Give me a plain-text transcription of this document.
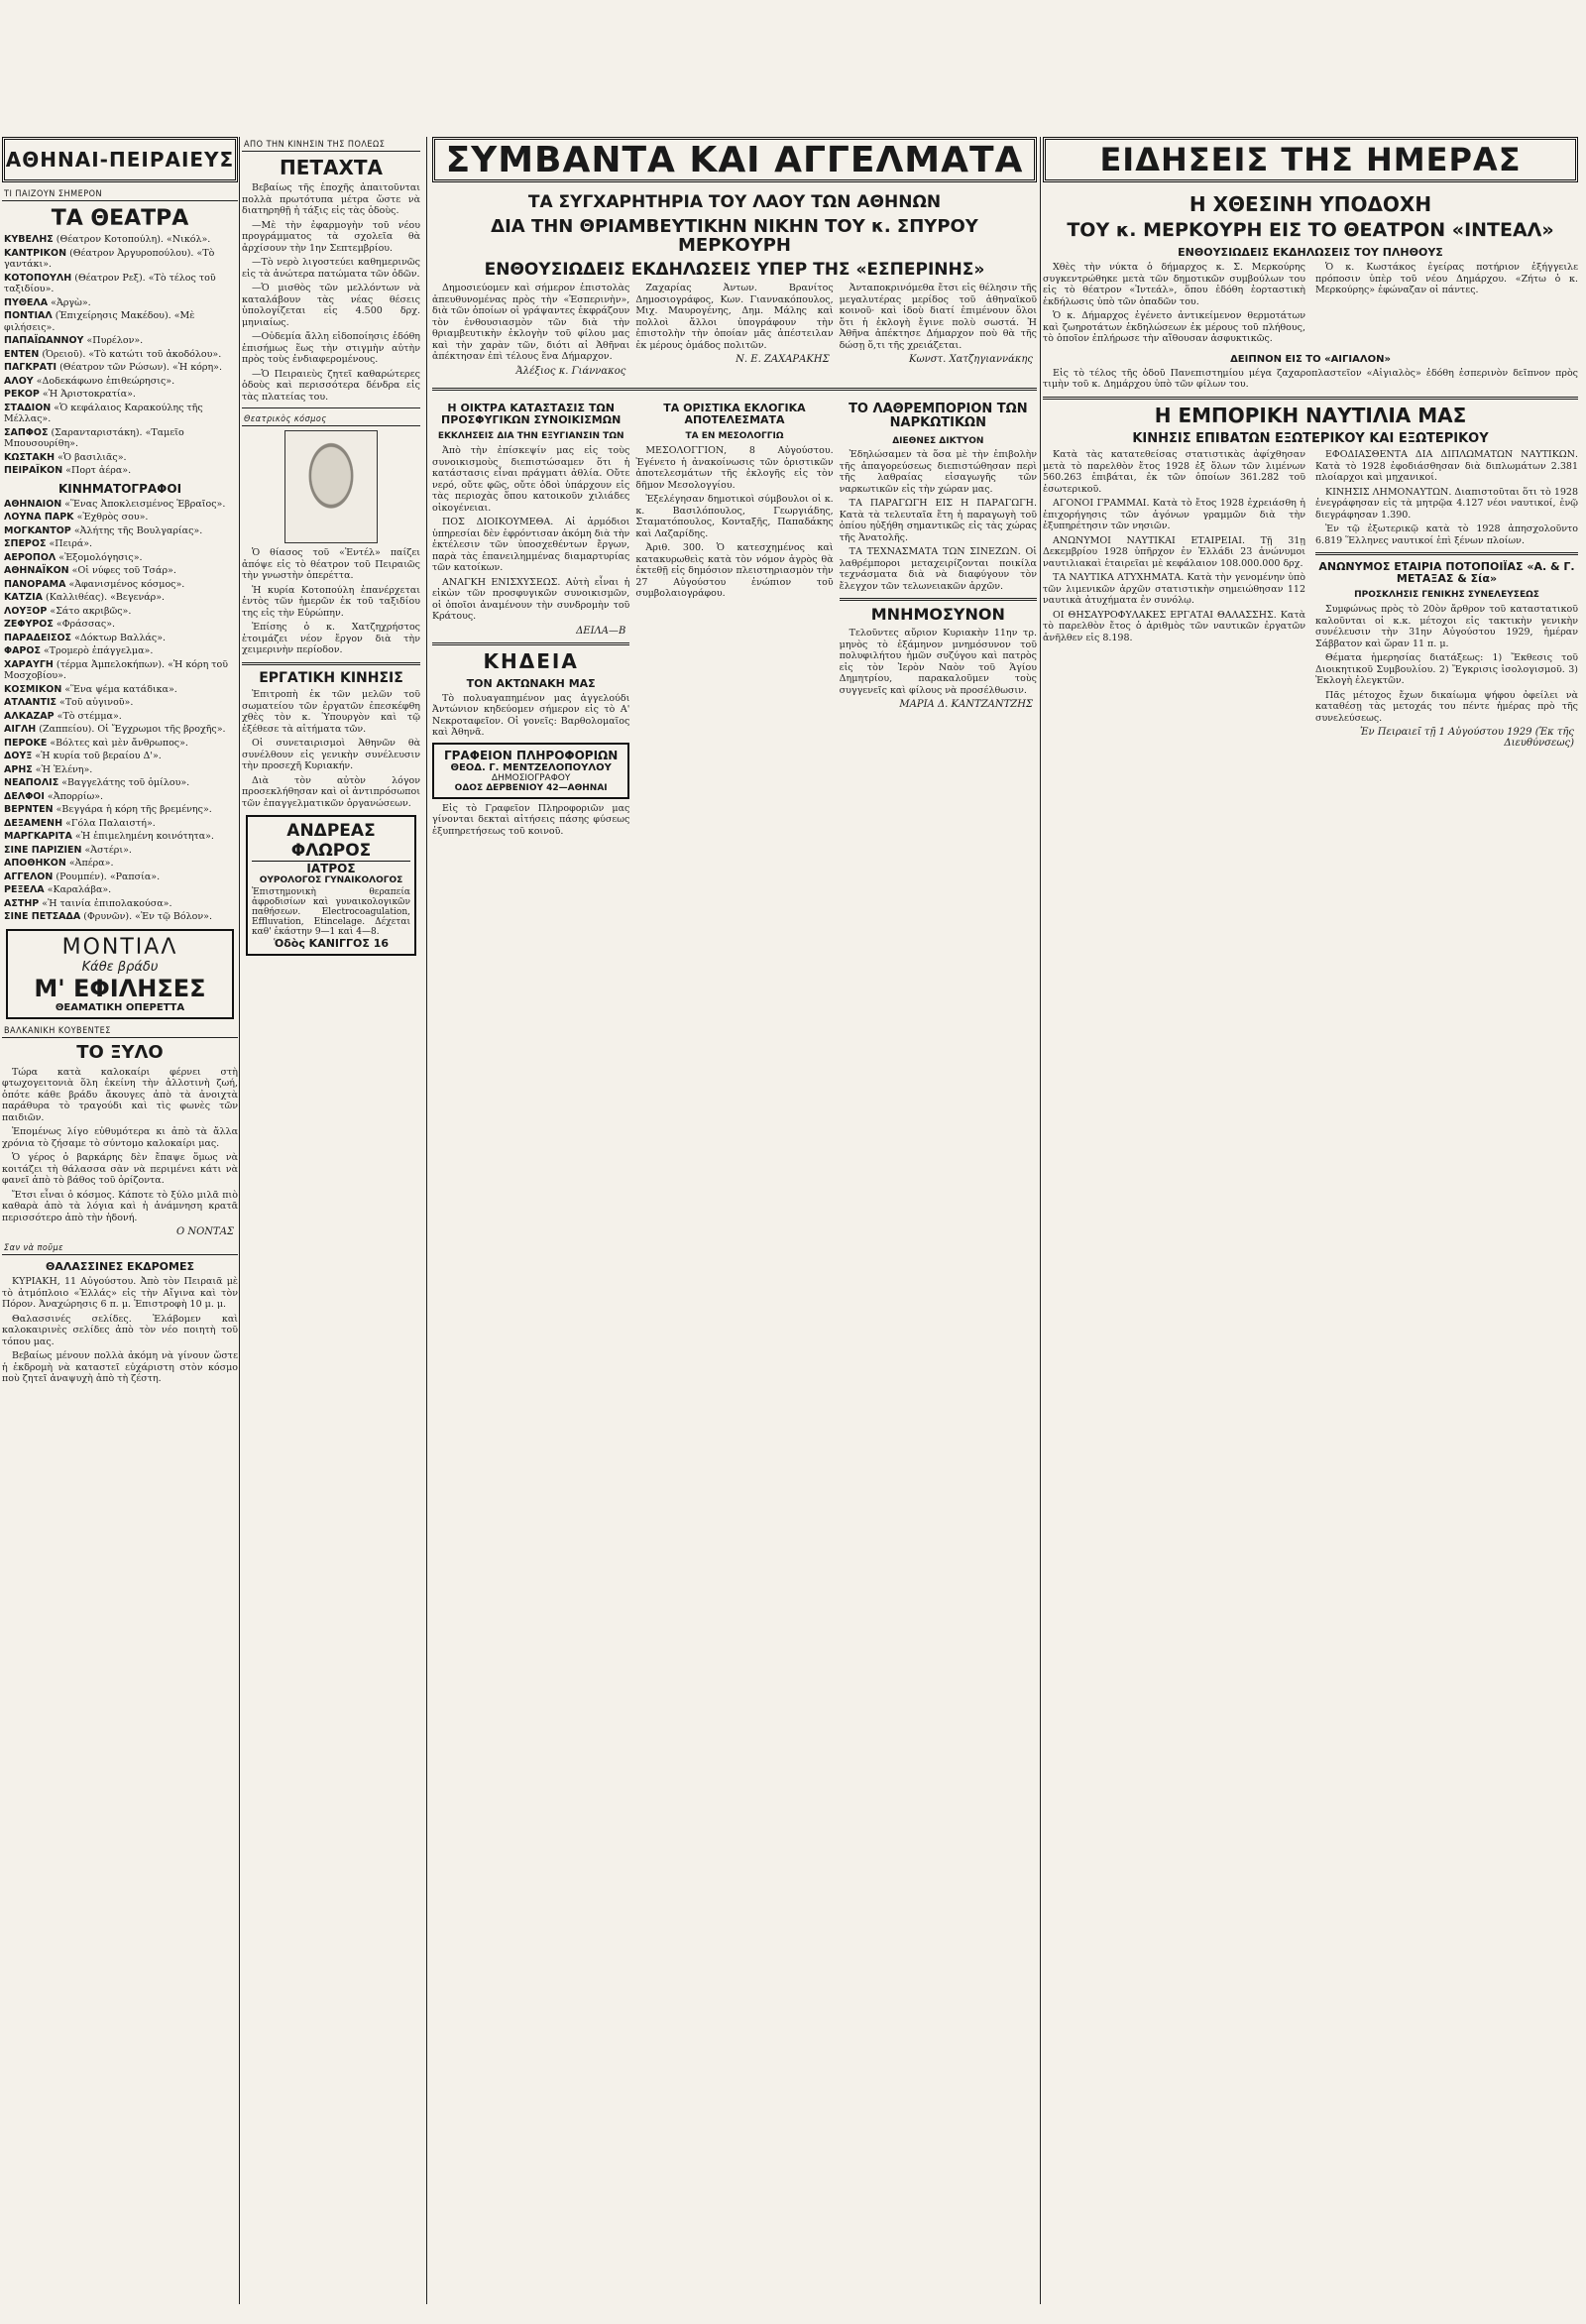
ΑΘΗΝΑΙ-ΠΕΙΡΑΙΕΥΣ
ΤΙ ΠΑΙΖΟΥΝ ΣΗΜΕΡΟΝ
ΤΑ ΘΕΑΤΡΑ
ΚΥΒΕΛΗΣ (Θέατρον Κοτοπούλη). «Νικόλ».
ΚΑΝΤΡΙΚΟΝ (Θέατρον Ἀργυροπούλου). «Τὸ γαντάκι».
ΚΟΤΟΠΟΥΛΗ (Θέατρον Ρεξ). «Τὸ τέλος τοῦ ταξιδίου».
ΠΥΘΕΛΑ «Ἀργὼ».
ΠΟΝΤΙΑΛ (Ἐπιχείρησις Μακέδου). «Μὲ φιλήσεις».
ΠΑΠΑΪΩΑΝΝΟΥ «Πυρέλον».
ΕΝΤΕΝ (Ὀρειοῦ). «Τὸ κατώτι τοῦ ἀκοδόλου».
ΠΑΓΚΡΑΤΙ (Θέατρον τῶν Ρώσων). «Ἡ κόρη».
ΑΛΟΥ «Δοδεκάφωνο ἐπιθεώρησις».
ΡΕΚΟΡ «Ἡ Ἀριστοκρατία».
ΣΤΑΔΙΟΝ «Ὁ κεφάλαιος Καρακούλης τῆς Μέλλας».
ΣΑΠΦΟΣ (Σαρανταριστάκη). «Ταμεῖο Μπουσουρίθη».
ΚΩΣΤΑΚΗ «Ὁ βασιλιᾶς».
ΠΕΙΡΑΪΚΟΝ «Πορτ ἀέρα».
ΚΙΝΗΜΑΤΟΓΡΑΦΟΙ
ΑΘΗΝΑΙΟΝ «Ἕνας Ἀποκλεισμένος Ἑβραῖος».
ΛΟΥΝΑ ΠΑΡΚ «Ἐχθρὸς σου».
ΜΟΓΚΑΝΤΟΡ «Ἀλήτης τῆς Βουλγαρίας».
ΣΠΕΡΟΣ «Πειρά».
ΑΕΡΟΠΟΛ «Ἐξομολόγησις».
ΑΘΗΝΑΪΚΟΝ «Οἱ νύφες τοῦ Τσάρ».
ΠΑΝΟΡΑΜΑ «Ἀφανισμένος κόσμος».
ΚΑΤΖΙΑ (Καλλιθέας). «Βεγενάρ».
ΛΟΥΞΟΡ «Σάτο ακριβῶς».
ΖΕΦΥΡΟΣ «Φράσσας».
ΠΑΡΑΔΕΙΣΟΣ «Δόκτωρ Βαλλάς».
ΦΑΡΟΣ «Τρομερὸ ἐπάγγελμα».
ΧΑΡΑΥΓΗ (τέρμα Ἀμπελοκήπων). «Ἡ κόρη τοῦ Μοσχοβίου».
ΚΟΣΜΙΚΟΝ «Ἕνα ψέμα κατάδικα».
ΑΤΛΑΝΤΙΣ «Τοῦ αὐγινοῦ».
ΑΛΚΑΖΑΡ «Τὸ στέμμα».
ΑΙΓΛΗ (Ζαππείου). Οἱ Ἔγχρωμοι τῆς βροχῆς».
ΠΕΡΟΚΕ «Βόλτες καὶ μὲν ἄνθρωπος».
ΔΟΥΞ «Ἡ κυρία τοῦ βεραίου Δ'».
ΑΡΗΣ «Ἡ Ἑλένη».
ΝΕΑΠΟΛΙΣ «Βαγγελάτης τοῦ ὁμίλου».
ΔΕΛΦΟΙ «Ἀπορρίω».
ΒΕΡΝΤΕΝ «Βεγγάρα ἡ κόρη τῆς βρεμένης».
ΔΕΞΑΜΕΝΗ «Γόλα Παλαιστή».
ΜΑΡΓΚΑΡΙΤΑ «Ἡ ἐπιμελημένη κοινότητα».
ΣΙΝΕ ΠΑΡΙΖΙΕΝ «Ἀστέρι».
ΑΠΟΘΗΚΟΝ «Ἀπέρα».
ΑΓΓΕΛΟΝ (Ρουμπέν). «Ραπσία».
ΡΕΞΕΛΑ «Καραλάβα».
ΑΣΤΗΡ «Ἡ ταινία ἐπιπολακούσα».
ΣΙΝΕ ΠΕΤΣΑΔΑ (Φρυνῶν). «Ἐν τῷ Βόλον».
ΜΟΝΤΙΑΛ
Κάθε βράδυ
Μ' ΕΦΙΛΗΣΕΣ
ΘΕΑΜΑΤΙΚΗ ΟΠΕΡΕΤΤΑ
ΒΑΛΚΑΝΙΚΗ ΚΟΥΒΕΝΤΕΣ
ΤΟ ΞΥΛΟ

Τώρα κατὰ καλοκαίρι φέρνει στὴ φτωχογειτονιὰ ὅλη ἐκείνη τὴν ἀλλοτινὴ ζωή, ὁπότε κάθε βράδυ ἄκουγες ἀπὸ τὰ ἀνοιχτὰ παράθυρα τὸ τραγούδι καὶ τὶς φωνὲς τῶν παιδιῶν.

Ἑπομένως λίγο εὐθυμότερα κι ἀπὸ τὰ ἄλλα χρόνια τὸ ζήσαμε τὸ σύντομο καλοκαίρι μας.

Ὁ γέρος ὁ βαρκάρης δὲν ἔπαψε ὅμως νὰ κοιτάζει τὴ θάλασσα σὰν νὰ περιμένει κάτι νὰ φανεῖ ἀπὸ τὸ βάθος τοῦ ὁρίζοντα.

Ἔτσι εἶναι ὁ κόσμος. Κάποτε τὸ ξύλο μιλᾶ πιὸ καθαρὰ ἀπὸ τὰ λόγια καὶ ἡ ἀνάμνηση κρατᾶ περισσότερο ἀπὸ τὴν ἡδονή.

Ο ΝΟΝΤΑΣ
Σαν νὰ ποῦμε
ΘΑΛΑΣΣΙΝΕΣ ΕΚΔΡΟΜΕΣ

ΚΥΡΙΑΚΗ, 11 Αὐγούστου. Ἀπὸ τὸν Πειραιᾶ μὲ τὸ ἀτμόπλοιο «Ἑλλάς» εἰς τὴν Αἴγινα καὶ τὸν Πόρον. Ἀναχώρησις 6 π. μ. Ἐπιστροφὴ 10 μ. μ.

Θαλασσινές σελίδες. Ἐλάβομεν καὶ καλοκαιρινὲς σελίδες ἀπὸ τὸν νέο ποιητὴ τοῦ τόπου μας.

Βεβαίως μένουν πολλὰ ἀκόμη νὰ γίνουν ὥστε ἡ ἐκδρομὴ νὰ καταστεῖ εὐχάριστη στὸν κόσμο ποὺ ζητεῖ ἀναψυχὴ ἀπὸ τὴ ζέστη.

ΑΠΟ ΤΗΝ ΚΙΝΗΣΙΝ ΤΗΣ ΠΟΛΕΩΣ
ΠΕΤΑΧΤΑ

Βεβαίως τῆς ἐποχῆς ἀπαιτοῦνται πολλὰ πρωτότυπα μέτρα ὥστε νὰ διατηρηθῇ ἡ τάξις εἰς τὰς ὁδοὺς.

—Μὲ τὴν ἐφαρμογὴν τοῦ νέου προγράμματος τὰ σχολεῖα θὰ ἀρχίσουν τὴν 1ην Σεπτεμβρίου.

—Τὸ νερὸ λιγοστεύει καθημερινῶς εἰς τὰ ἀνώτερα πατώματα τῶν ὁδῶν.

—Ὁ μισθὸς τῶν μελλόντων νὰ καταλάβουν τὰς νέας θέσεις ὑπολογίζεται εἰς 4.500 δρχ. μηνιαίως.

—Οὐδεμία ἄλλη εἰδοποίησις ἐδόθη ἐπισήμως ἕως τὴν στιγμὴν αὐτὴν πρὸς τοὺς ἐνδιαφερομένους.

—Ὁ Πειραιεὺς ζητεῖ καθαρώτερες ὁδοὺς καὶ περισσότερα δένδρα εἰς τὰς πλατείας του.

Θεατρικὸς κόσμος

Ὁ θίασος τοῦ «Ἐντέλ» παίζει ἀπόψε εἰς τὸ θέατρον τοῦ Πειραιῶς τὴν γνωστὴν ὀπερέττα.

Ἡ κυρία Κοτοπούλη ἐπανέρχεται ἐντὸς τῶν ἡμερῶν ἐκ τοῦ ταξιδίου της εἰς τὴν Εὐρώπην.

Ἐπίσης ὁ κ. Χατζηχρήστος ἑτοιμάζει νέον ἔργον διὰ τὴν χειμερινὴν περίοδον.

ΕΡΓΑΤΙΚΗ ΚΙΝΗΣΙΣ

Ἐπιτροπὴ ἐκ τῶν μελῶν τοῦ σωματείου τῶν ἐργατῶν ἐπεσκέφθη χθὲς τὸν κ. Ὑπουργὸν καὶ τῷ ἐξέθεσε τὰ αἰτήματα τῶν.

Οἱ συνεταιρισμοὶ Ἀθηνῶν θὰ συνέλθουν εἰς γενικὴν συνέλευσιν τὴν προσεχῆ Κυριακήν.

Διὰ τὸν αὐτὸν λόγον προσεκλήθησαν καὶ οἱ ἀντιπρόσωποι τῶν ἐπαγγελματικῶν ὀργανώσεων.

ΑΝΔΡΕΑΣ ΦΛΩΡΟΣ
ΙΑΤΡΟΣ
ΟΥΡΟΛΟΓΟΣ ΓΥΝΑΙΚΟΛΟΓΟΣ
Ἐπιστημονικὴ θεραπεία ἀφροδισίων καὶ γυναικολογικῶν παθήσεων. Electrocoagulation, Effluvation, Etincelage. Δέχεται καθ' ἑκάστην 9—1 καὶ 4—8.
Ὁδὸς ΚΑΝΙΓΓΟΣ 16
ΣΥΜΒΑΝΤΑ ΚΑΙ ΑΓΓΕΛΜΑΤΑ
ΤΑ ΣΥΓΧΑΡΗΤΗΡΙΑ ΤΟΥ ΛΑΟΥ ΤΩΝ ΑΘΗΝΩΝ
ΔΙΑ ΤΗΝ ΘΡΙΑΜΒΕΥΤΙΚΗΝ ΝΙΚΗΝ ΤΟΥ κ. ΣΠΥΡΟΥ ΜΕΡΚΟΥΡΗ
ΕΝΘΟΥΣΙΩΔΕΙΣ ΕΚΔΗΛΩΣΕΙΣ ΥΠΕΡ ΤΗΣ «ΕΣΠΕΡΙΝΗΣ»

Δημοσιεύομεν καὶ σήμερον ἐπιστολὰς ἀπευθυνομένας πρὸς τὴν «Ἑσπερινὴν», διὰ τῶν ὁποίων οἱ γράψαντες ἐκφράζουν τὸν ἐνθουσιασμὸν τῶν διὰ τὴν θριαμβευτικὴν ἐκλογὴν τοῦ φίλου μας καὶ τὴν χαρὰν τῶν, διότι αἱ Ἀθῆναι ἀπέκτησαν ἐπὶ τέλους ἕνα Δήμαρχον.

Ἀλέξιος κ. Γιάννακος

Ζαχαρίας Ἀντων. Βρανίτος Δημοσιογράφος, Κων. Γιαννακόπουλος, Μιχ. Μαυρογένης, Δημ. Μάλης καὶ πολλοὶ ἄλλοι ὑπογράφουν τὴν ἐπιστολὴν τὴν ὁποίαν μᾶς ἀπέστειλαν ἐκ μέρους ὁμάδος πολιτῶν.

Ν. Ε. ΖΑΧΑΡΑΚΗΣ

Ἀνταποκρινόμεθα ἔτσι εἰς θέλησιν τῆς μεγαλυτέρας μερίδος τοῦ ἀθηναϊκοῦ κοινοῦ· καὶ ἰδοὺ διατί ἐπιμένουν ὅλοι ὅτι ἡ ἐκλογὴ ἔγινε πολὺ σωστά. Ἡ Ἀθῆνα ἀπέκτησε Δήμαρχον ποὺ θὰ τῆς δώσῃ ὅ,τι τῆς χρειάζεται.

Κωνστ. Χατζηγιαννάκης
Η ΟΙΚΤΡΑ ΚΑΤΑΣΤΑΣΙΣ ΤΩΝ ΠΡΟΣΦΥΓΙΚΩΝ ΣΥΝΟΙΚΙΣΜΩΝ
ΕΚΚΛΗΣΕΙΣ ΔΙΑ ΤΗΝ ΕΞΥΓΙΑΝΣΙΝ ΤΩΝ

Ἀπὸ τὴν ἐπίσκεψίν μας εἰς τοὺς συνοικισμοὺς διεπιστώσαμεν ὅτι ἡ κατάστασις εἶναι πράγματι ἀθλία. Οὔτε νερό, οὔτε φῶς, οὔτε ὁδοὶ ὑπάρχουν εἰς τὰς περιοχὰς ὅπου κατοικοῦν χιλιάδες οἰκογένειαι.

ΠΟΣ ΔΙΟΙΚΟΥΜΕΘΑ. Αἱ ἀρμόδιοι ὑπηρεσίαι δὲν ἐφρόντισαν ἀκόμη διὰ τὴν ἐκτέλεσιν τῶν ὑποσχεθέντων ἔργων, παρὰ τὰς ἐπανειλημμένας διαμαρτυρίας τῶν κατοίκων.

ΑΝΑΓΚΗ ΕΝΙΣΧΥΣΕΩΣ. Αὐτὴ εἶναι ἡ εἰκὼν τῶν προσφυγικῶν συνοικισμῶν, οἱ ὁποῖοι ἀναμένουν τὴν συνδρομὴν τοῦ Κράτους.

ΔΕΙΛΑ—Β
ΚΗΔΕΙΑ
ΤΟΝ ΑΚΤΩΝΑΚΗ ΜΑΣ

Τὸ πολυαγαπημένον μας ἀγγελούδι Ἀντώνιον κηδεύομεν σήμερον εἰς τὸ Α' Νεκροταφεῖον. Οἱ γονεῖς: Βαρθολομαῖος καὶ Ἀθηνᾶ.

ΓΡΑΦΕΙΟΝ ΠΛΗΡΟΦΟΡΙΩΝ
ΘΕΟΔ. Γ. ΜΕΝΤΖΕΛΟΠΟΥΛΟΥ
ΔΗΜΟΣΙΟΓΡΑΦΟΥ
ΟΔΟΣ ΔΕΡΒΕΝΙΟΥ 42—ΑΘΗΝΑΙ

Εἰς τὸ Γραφεῖον Πληροφοριῶν μας γίνονται δεκταὶ αἰτήσεις πάσης φύσεως ἐξυπηρετήσεως τοῦ κοινοῦ.

ΤΑ ΟΡΙΣΤΙΚΑ ΕΚΛΟΓΙΚΑ ΑΠΟΤΕΛΕΣΜΑΤΑ
ΤΑ ΕΝ ΜΕΣΟΛΟΓΓΙΩ

ΜΕΣΟΛΟΓΓΙΟΝ, 8 Αὐγούστου. Ἐγένετο ἡ ἀνακοίνωσις τῶν ὁριστικῶν ἀποτελεσμάτων τῆς ἐκλογῆς εἰς τὸν δῆμον Μεσολογγίου.

Ἐξελέγησαν δημοτικοὶ σύμβουλοι οἱ κ. κ. Βασιλόπουλος, Γεωργιάδης, Σταματόπουλος, Κονταξῆς, Παπαδάκης καὶ Λαζαρίδης.

Ἀριθ. 300. Ὁ κατεσχημένος καὶ κατακυρωθεὶς κατὰ τὸν νόμον ἀγρὸς θὰ ἐκτεθῇ εἰς δημόσιον πλειστηριασμὸν τὴν 27 Αὐγούστου ἐνώπιον τοῦ συμβολαιογράφου.

ΤΟ ΛΑΘΡΕΜΠΟΡΙΟΝ ΤΩΝ ΝΑΡΚΩΤΙΚΩΝ
ΔΙΕΘΝΕΣ ΔΙΚΤΥΟΝ

Ἐδηλώσαμεν τὰ ὅσα μὲ τὴν ἐπιβολὴν τῆς ἀπαγορεύσεως διεπιστώθησαν περὶ τῆς λαθραίας εἰσαγωγῆς τῶν ναρκωτικῶν εἰς τὴν χώραν μας.

ΤΑ ΠΑΡΑΓΩΓΗ ΕΙΣ Η ΠΑΡΑΓΩΓΗ. Κατὰ τὰ τελευταῖα ἔτη ἡ παραγωγὴ τοῦ ὀπίου ηὐξήθη σημαντικῶς εἰς τὰς χώρας τῆς Ἀνατολῆς.

ΤΑ ΤΕΧΝΑΣΜΑΤΑ ΤΩΝ ΣΙΝΕΖΩΝ. Οἱ λαθρέμποροι μεταχειρίζονται ποικίλα τεχνάσματα διὰ νὰ διαφύγουν τὸν ἔλεγχον τῶν τελωνειακῶν ἀρχῶν.

ΜΝΗΜΟΣΥΝΟΝ

Τελοῦντες αὔριον Κυριακὴν 11ην τρ. μηνὸς τὸ ἐξάμηνον μνημόσυνον τοῦ πολυφιλήτου ἡμῶν συζύγου καὶ πατρὸς εἰς τὸν Ἱερὸν Ναὸν τοῦ Ἁγίου Δημητρίου, παρακαλοῦμεν τοὺς συγγενεῖς καὶ φίλους νὰ προσέλθωσιν.

ΜΑΡΙΑ Δ. ΚΑΝΤΖΑΝΤΖΗΣ
ΕΙΔΗΣΕΙΣ ΤΗΣ ΗΜΕΡΑΣ
Η ΧΘΕΣΙΝΗ ΥΠΟΔΟΧΗ
ΤΟΥ κ. ΜΕΡΚΟΥΡΗ ΕΙΣ ΤΟ ΘΕΑΤΡΟΝ «ΙΝΤΕΑΛ»
ΕΝΘΟΥΣΙΩΔΕΙΣ ΕΚΔΗΛΩΣΕΙΣ ΤΟΥ ΠΛΗΘΟΥΣ

Χθὲς τὴν νύκτα ὁ δήμαρχος κ. Σ. Μερκούρης συγκεντρώθηκε μετὰ τῶν δημοτικῶν συμβούλων του εἰς τὸ θέατρον «Ἰντεάλ», ὅπου ἐδόθη ἑορταστικὴ ἐκδήλωσις ὑπὸ τῶν ὀπαδῶν του.

Ὁ κ. Δήμαρχος ἐγένετο ἀντικείμενον θερμοτάτων καὶ ζωηροτάτων ἐκδηλώσεων ἐκ μέρους τοῦ πλήθους, τὸ ὁποῖον ἐπλήρωσε τὴν αἴθουσαν ἀσφυκτικῶς.

Ὁ κ. Κωστάκος ἐγείρας ποτήριον ἐξήγγειλε πρόποσιν ὑπὲρ τοῦ νέου Δημάρχου. «Ζήτω ὁ κ. Μερκούρης» ἐφώναζαν οἱ πάντες.

ΔΕΙΠΝΟΝ ΕΙΣ ΤΟ «ΑΙΓΙΑΛΟΝ»

Εἰς τὸ τέλος τῆς ὁδοῦ Πανεπιστημίου μέγα ζαχαροπλαστεῖον «Αἰγιαλὸς» ἐδόθη ἐσπερινὸν δεῖπνον πρὸς τιμὴν τοῦ κ. Δημάρχου ὑπὸ τῶν φίλων του.

Η ΕΜΠΟΡΙΚΗ ΝΑΥΤΙΛΙΑ ΜΑΣ
ΚΙΝΗΣΙΣ ΕΠΙΒΑΤΩΝ ΕΞΩΤΕΡΙΚΟΥ ΚΑΙ ΕΞΩΤΕΡΙΚΟΥ

Κατὰ τὰς κατατεθείσας στατιστικὰς ἀφίχθησαν μετὰ τὸ παρελθὸν ἔτος 1928 ἐξ ὅλων τῶν λιμένων 560.263 ἐπιβάται, ἐκ τῶν ὁποίων 361.282 τοῦ ἐσωτερικοῦ.

ΑΓΟΝΟΙ ΓΡΑΜΜΑΙ. Κατὰ τὸ ἔτος 1928 ἐχρειάσθη ἡ ἐπιχορήγησις τῶν ἀγόνων γραμμῶν διὰ τὴν ἐξυπηρέτησιν τῶν νησιῶν.

ΑΝΩΝΥΜΟΙ ΝΑΥΤΙΚΑΙ ΕΤΑΙΡΕΙΑΙ. Τῇ 31ῃ Δεκεμβρίου 1928 ὑπῆρχον ἐν Ἑλλάδι 23 ἀνώνυμοι ναυτιλιακαὶ ἑταιρεῖαι μὲ κεφάλαιον 108.000.000 δρχ.

ΤΑ ΝΑΥΤΙΚΑ ΑΤΥΧΗΜΑΤΑ. Κατὰ τὴν γενομένην ὑπὸ τῶν λιμενικῶν ἀρχῶν στατιστικὴν σημειώθησαν 112 ναυτικὰ ἀτυχήματα ἐν συνόλῳ.

ΟΙ ΘΗΣΑΥΡΟΦΥΛΑΚΕΣ ΕΡΓΑΤΑΙ ΘΑΛΑΣΣΗΣ. Κατὰ τὸ παρελθὸν ἔτος ὁ ἀριθμὸς τῶν ναυτικῶν ἐργατῶν ἀνῆλθεν εἰς 8.198.

ΕΦΟΔΙΑΣΘΕΝΤΑ ΔΙΑ ΔΙΠΛΩΜΑΤΩΝ ΝΑΥΤΙΚΩΝ. Κατὰ τὸ 1928 ἐφοδιάσθησαν διὰ διπλωμάτων 2.381 πλοίαρχοι καὶ μηχανικοί.

ΚΙΝΗΣΙΣ ΛΗΜΟΝΑΥΤΩΝ. Διαπιστοῦται ὅτι τὸ 1928 ἐνεγράφησαν εἰς τὰ μητρῷα 4.127 νέοι ναυτικοί, ἐνῷ διεγράφησαν 1.390.

Ἐν τῷ ἐξωτερικῷ κατὰ τὸ 1928 ἀπησχολοῦντο 6.819 Ἕλληνες ναυτικοί ἐπὶ ξένων πλοίων.

ΑΝΩΝΥΜΟΣ ΕΤΑΙΡΙΑ ΠΟΤΟΠΟΙΪΑΣ «Α. & Γ. ΜΕΤΑΞΑΣ & Σία»
ΠΡΟΣΚΛΗΣΙΣ ΓΕΝΙΚΗΣ ΣΥΝΕΛΕΥΣΕΩΣ

Συμφώνως πρὸς τὸ 20ὸν ἄρθρον τοῦ καταστατικοῦ καλοῦνται οἱ κ.κ. μέτοχοι εἰς τακτικὴν γενικὴν συνέλευσιν τὴν 31ην Αὐγούστου 1929, ἡμέραν Σάββατον καὶ ὥραν 11 π. μ.

Θέματα ἡμερησίας διατάξεως: 1) Ἔκθεσις τοῦ Διοικητικοῦ Συμβουλίου. 2) Ἔγκρισις ἰσολογισμοῦ. 3) Ἐκλογὴ ἐλεγκτῶν.

Πᾶς μέτοχος ἔχων δικαίωμα ψήφου ὀφείλει νὰ καταθέσῃ τὰς μετοχάς του πέντε ἡμέρας πρὸ τῆς συνελεύσεως.

Ἐν Πειραιεῖ τῇ 1 Αὐγούστου 1929 (Ἐκ τῆς Διευθύνσεως)
